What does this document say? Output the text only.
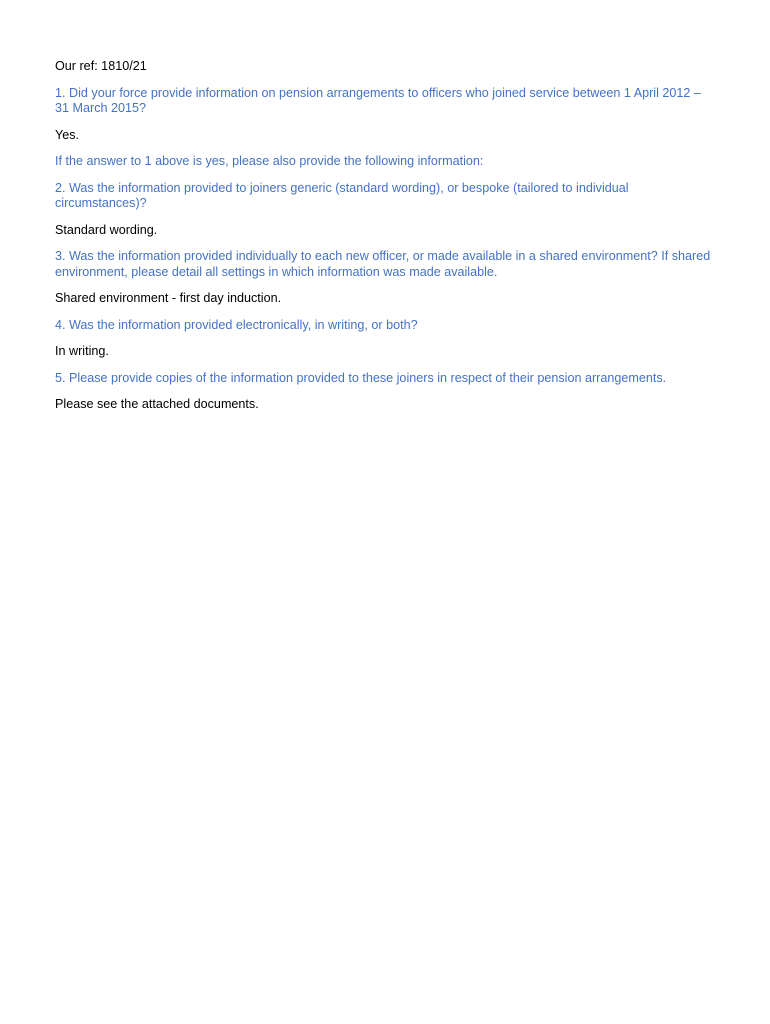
Our ref: 1810/21

1. Did your force provide information on pension arrangements to officers who joined service between 1 April 2012 – 31 March 2015?

Yes.

If the answer to 1 above is yes, please also provide the following information:

2. Was the information provided to joiners generic (standard wording), or bespoke (tailored to individual circumstances)?

Standard wording.

3. Was the information provided individually to each new officer, or made available in a shared environment? If shared environment, please detail all settings in which information was made available.

Shared environment - first day induction.

4. Was the information provided electronically, in writing, or both?

In writing.

5. Please provide copies of the information provided to these joiners in respect of their pension arrangements.

Please see the attached documents.
